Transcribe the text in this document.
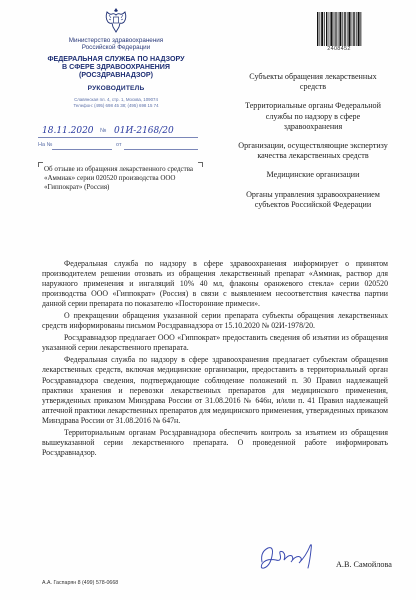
Министерство здравоохранения
Российской Федерации
ФЕДЕРАЛЬНАЯ СЛУЖБА ПО НАДЗОРУ
В СФЕРЕ ЗДРАВООХРАНЕНИЯ
(РОСЗДРАВНАДЗОР)
РУКОВОДИТЕЛЬ
Славянская пл. 4, стр. 1, Москва, 109074
Телефон: (495) 698 45 38; (495) 698 15 74
18.11.2020 № 01И-2168/20
На №	от
Об отзыве из обращения лекарственного средства «Аммиак» серии 020520 производства ООО «Гиппократ» (Россия)
2408452
Субъекты обращения лекарственных средств
Территориальные органы Федеральной службы по надзору в сфере здравоохранения
Организации, осуществляющие экспертизу качества лекарственных средств
Медицинские организации
Органы управления здравоохранением субъектов Российской Федерации

Федеральная служба по надзору в сфере здравоохранения информирует о принятом производителем решении отозвать из обращения лекарственный препарат «Аммиак, раствор для наружного применения и ингаляций 10% 40 мл, флаконы оранжевого стекла» серии 020520 производства ООО «Гиппократ» (Россия) в связи с выявлением несоответствия качества партии данной серии препарата по показателю «Посторонние примеси».

О прекращении обращения указанной серии препарата субъекты обращения лекарственных средств информированы письмом Росздравнадзора от 15.10.2020 № 02И-1978/20.

Росздравнадзор предлагает ООО «Гиппократ» предоставить сведения об изъятии из обращения указанной серии лекарственного препарата.

Федеральная служба по надзору в сфере здравоохранения предлагает субъектам обращения лекарственных средств, включая медицинские организации, предоставить в территориальный орган Росздравнадзора сведения, подтверждающие соблюдение положений п. 30 Правил надлежащей практики хранения и перевозки лекарственных препаратов для медицинского применения, утвержденных приказом Минздрава России от 31.08.2016 № 646н, и/или п. 41 Правил надлежащей аптечной практики лекарственных препаратов для медицинского применения, утвержденных приказом Минздрава России от 31.08.2016 № 647н.

Территориальным органам Росздравнадзора обеспечить контроль за изъятием из обращения вышеуказанной серии лекарственного препарата. О проведенной работе информировать Росздравнадзор.

А.В. Самойлова
А.А. Гаспарян 8 (499) 578-0668
